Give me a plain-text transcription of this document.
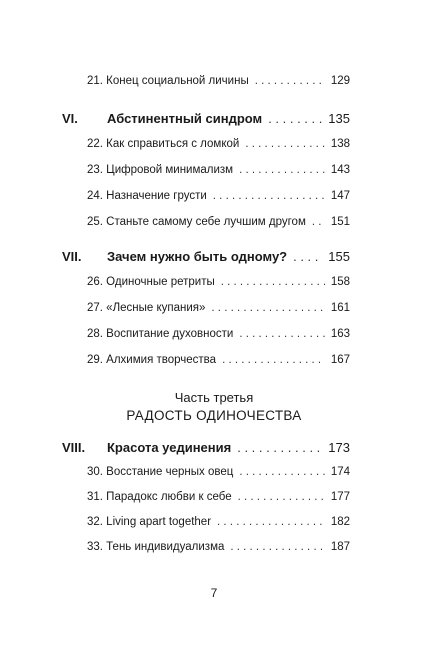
21. Конец социальной личины . . .	129
VI.	Абстинентный синдром . . .	135
22. Как справиться с ломкой . . .	138
23. Цифровой минимализм . . .	143
24. Назначение грусти . . .	147
25. Станьте самому себе лучшим другом . . . 151
VII.	Зачем нужно быть одному? . . .	155
26. Одиночные ретриты . . .	158
27. «Лесные купания» . . .	161
28. Воспитание духовности . . .	163
29. Алхимия творчества . . .	167
Часть третья
РАДОСТЬ ОДИНОЧЕСТВА
VIII.	Красота уединения . . .	173
30. Восстание черных овец . . .	174
31. Парадокс любви к себе . . .	177
32. Living apart together . . .	182
33. Тень индивидуализма . . .	187
7
